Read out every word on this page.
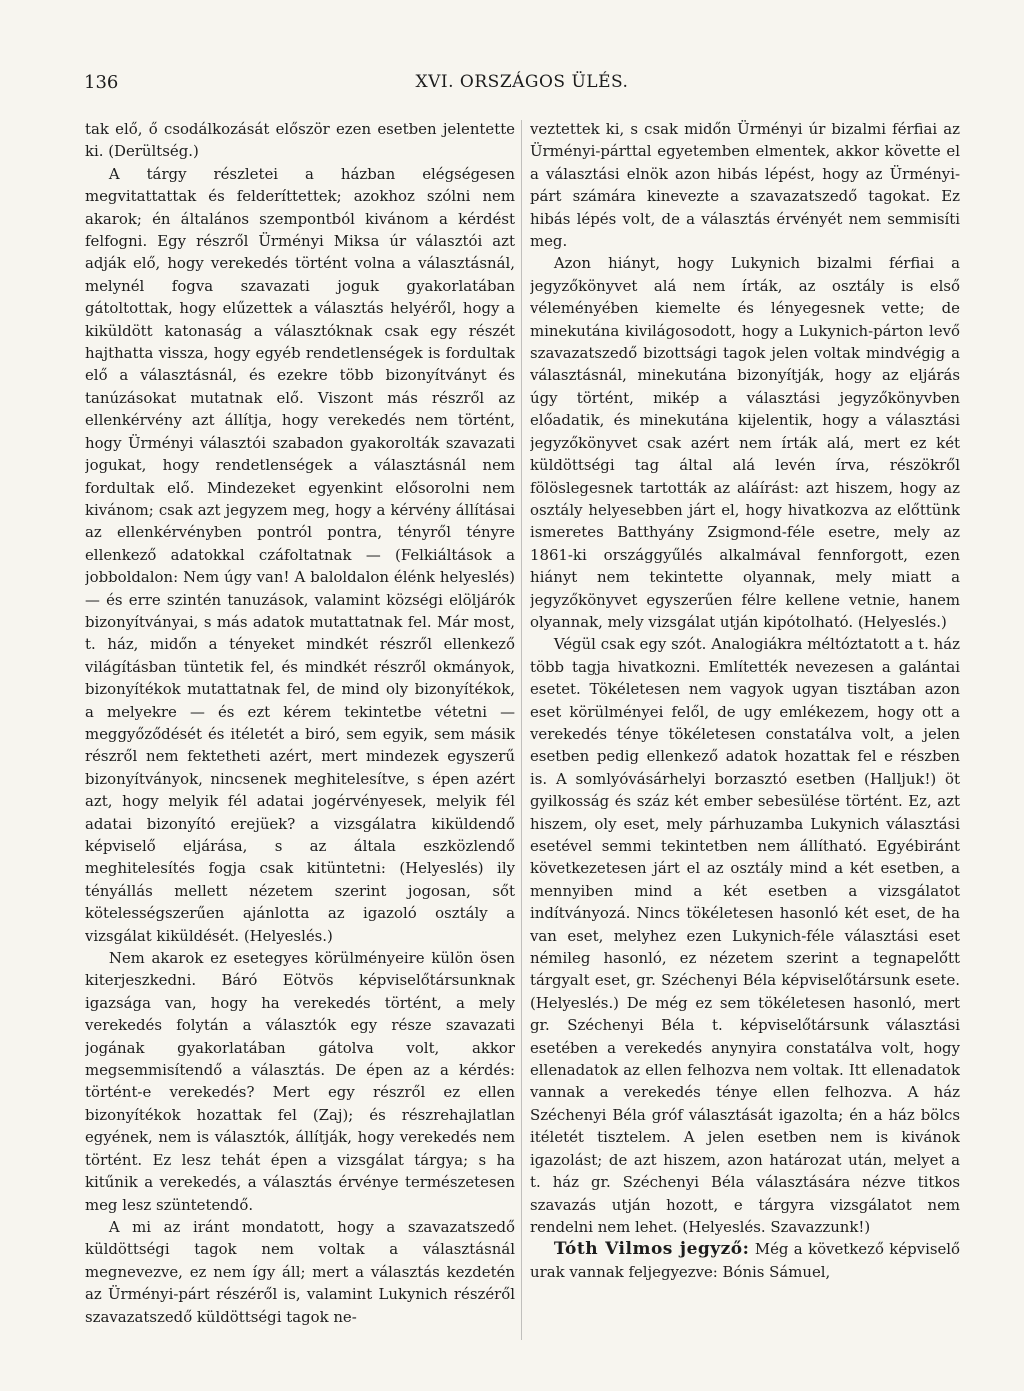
136	XVI. ORSZÁGOS ÜLÉS.

tak elő, ő csodálkozását először ezen esetben jelentette ki. (Derültség.)

A tárgy részletei a házban elégségesen megvitattattak és felderíttettek; azokhoz szólni nem akarok; én általános szempontból kivánom a kérdést felfogni. Egy részről Ürményi Miksa úr választói azt adják elő, hogy verekedés történt volna a választásnál, melynél fogva szavazati joguk gyakorlatában gátoltottak, hogy elűzettek a választás helyéről, hogy a kiküldött katonaság a választóknak csak egy részét hajthatta vissza, hogy egyéb rendetlenségek is fordultak elő a választásnál, és ezekre több bizonyítványt és tanúzásokat mutatnak elő. Viszont más részről az ellenkérvény azt állítja, hogy verekedés nem történt, hogy Ürményi választói szabadon gyakorolták szavazati jogukat, hogy rendetlenségek a választásnál nem fordultak elő. Mindezeket egyenkint elősorolni nem kivánom; csak azt jegyzem meg, hogy a kérvény állításai az ellenkérvényben pontról pontra, tényről tényre ellenkező adatokkal czáfoltatnak — (Felkiáltások a jobboldalon: Nem úgy van! A baloldalon élénk helyeslés) — és erre szintén tanuzások, valamint községi elöljárók bizonyítványai, s más adatok mutattatnak fel. Már most, t. ház, midőn a tényeket mindkét részről ellenkező világításban tüntetik fel, és mindkét részről okmányok, bizonyítékok mutattatnak fel, de mind oly bizonyítékok, a melyekre — és ezt kérem tekintetbe vétetni — meggyőződését és itéletét a biró, sem egyik, sem másik részről nem fektetheti azért, mert mindezek egyszerű bizonyítványok, nincsenek meghitelesítve, s épen azért azt, hogy melyik fél adatai jogérvényesek, melyik fél adatai bizonyító erejüek? a vizsgálatra kiküldendő képviselő eljárása, s az általa eszközlendő meghitelesítés fogja csak kitüntetni: (Helyeslés) ily tényállás mellett nézetem szerint jogosan, sőt kötelességszerűen ajánlotta az igazoló osztály a vizsgálat kiküldését. (Helyeslés.)

Nem akarok ez esetegyes körülményeire külön ösen kiterjeszkedni. Báró Eötvös képviselőtársunknak igazsága van, hogy ha verekedés történt, a mely verekedés folytán a választók egy része szavazati jogának gyakorlatában gátolva volt, akkor megsemmisítendő a választás. De épen az a kérdés: történt-e verekedés? Mert egy részről ez ellen bizonyítékok hozattak fel (Zaj); és részrehajlatlan egyének, nem is választók, állítják, hogy verekedés nem történt. Ez lesz tehát épen a vizsgálat tárgya; s ha kitűnik a verekedés, a választás érvénye természetesen meg lesz szüntetendő.

A mi az iránt mondatott, hogy a szavazatszedő küldöttségi tagok nem voltak a választásnál megnevezve, ez nem így áll; mert a választás kezdetén az Ürményi-párt részéről is, valamint Lukynich részéről szavazatszedő küldöttségi tagok ne-

veztettek ki, s csak midőn Ürményi úr bizalmi férfiai az Ürményi-párttal egyetemben elmentek, akkor követte el a választási elnök azon hibás lépést, hogy az Ürményi-párt számára kinevezte a szavazatszedő tagokat. Ez hibás lépés volt, de a választás érvényét nem semmisíti meg.

Azon hiányt, hogy Lukynich bizalmi férfiai a jegyzőkönyvet alá nem írták, az osztály is első véleményében kiemelte és lényegesnek vette; de minekutána kivilágosodott, hogy a Lukynich-párton levő szavazatszedő bizottsági tagok jelen voltak mindvégig a választásnál, minekutána bizonyítják, hogy az eljárás úgy történt, mikép a választási jegyzőkönyvben előadatik, és minekutána kijelentik, hogy a választási jegyzőkönyvet csak azért nem írták alá, mert ez két küldöttségi tag által alá levén írva, részökről fölöslegesnek tartották az aláírást: azt hiszem, hogy az osztály helyesebben járt el, hogy hivatkozva az előttünk ismeretes Batthyány Zsigmond-féle esetre, mely az 1861-ki országgyűlés alkalmával fennforgott, ezen hiányt nem tekintette olyannak, mely miatt a jegyzőkönyvet egyszerűen félre kellene vetnie, hanem olyannak, mely vizsgálat utján kipótolható. (Helyeslés.)

Végül csak egy szót. Analogiákra méltóztatott a t. ház több tagja hivatkozni. Említették nevezesen a galántai esetet. Tökéletesen nem vagyok ugyan tisztában azon eset körülményei felől, de ugy emlékezem, hogy ott a verekedés ténye tökéletesen constatálva volt, a jelen esetben pedig ellenkező adatok hozattak fel e részben is. A somlyóvásárhelyi borzasztó esetben (Halljuk!) öt gyilkosság és száz két ember sebesülése történt. Ez, azt hiszem, oly eset, mely párhuzamba Lukynich választási esetével semmi tekintetben nem állítható. Egyébiránt következetesen járt el az osztály mind a két esetben, a mennyiben mind a két esetben a vizsgálatot indítványozá. Nincs tökéletesen hasonló két eset, de ha van eset, melyhez ezen Lukynich-féle választási eset némileg hasonló, ez nézetem szerint a tegnapelőtt tárgyalt eset, gr. Széchenyi Béla képviselőtársunk esete. (Helyeslés.) De még ez sem tökéletesen hasonló, mert gr. Széchenyi Béla t. képviselőtársunk választási esetében a verekedés anynyira constatálva volt, hogy ellenadatok az ellen felhozva nem voltak. Itt ellenadatok vannak a verekedés ténye ellen felhozva. A ház Széchenyi Béla gróf választását igazolta; én a ház bölcs itéletét tisztelem. A jelen esetben nem is kivánok igazolást; de azt hiszem, azon határozat után, melyet a t. ház gr. Széchenyi Béla választására nézve titkos szavazás utján hozott, e tárgyra vizsgálatot nem rendelni nem lehet. (Helyeslés. Szavazzunk!)

Tóth Vilmos jegyző: Még a következő képviselő urak vannak feljegyezve: Bónis Sámuel,
